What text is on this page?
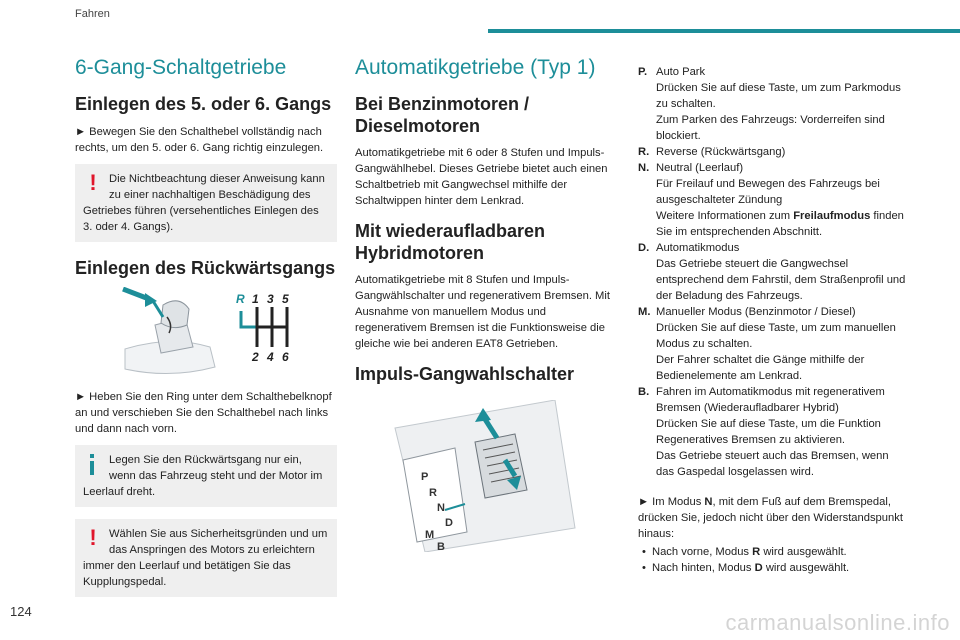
Fahren
6-Gang-Schaltgetriebe
Einlegen des 5. oder 6. Gangs

► Bewegen Sie den Schalthebel vollständig nach rechts, um den 5. oder 6. Gang richtig einzulegen.

!	Die Nichtbeachtung dieser Anweisung kann zu einer nachhaltigen Beschädigung des Getriebes führen (versehentliches Einlegen des 3. oder 4. Gangs).
Einlegen des Rückwärtsgangs
R 1 3 5
2 4 6

► Heben Sie den Ring unter dem Schalthebelknopf an und verschieben Sie den Schalthebel nach links und dann nach vorn.

Legen Sie den Rückwärtsgang nur ein, wenn das Fahrzeug steht und der Motor im Leerlauf dreht.
!	Wählen Sie aus Sicherheitsgründen und um das Anspringen des Motors zu erleichtern immer den Leerlauf und betätigen Sie das Kupplungspedal.
Automatikgetriebe (Typ 1)
Bei Benzinmotoren / Dieselmotoren

Automatikgetriebe mit 6 oder 8 Stufen und Impuls-Gangwählhebel. Dieses Getriebe bietet auch einen Schaltbetrieb mit Gangwechsel mithilfe der Schaltwippen hinter dem Lenkrad.

Mit wiederaufladbaren Hybridmotoren

Automatikgetriebe mit 8 Stufen und Impuls-Gangwählschalter und regenerativem Bremsen. Mit Ausnahme von manuellem Modus und regenerativem Bremsen ist die Funktionsweise die gleiche wie bei anderen EAT8 Getrieben.

Impuls-Gangwahlschalter
P
R
N
D
M
B
P. Auto Park
Drücken Sie auf diese Taste, um zum Parkmodus zu schalten.
Zum Parken des Fahrzeugs: Vorderreifen sind blockiert.
R. Reverse (Rückwärtsgang)
N. Neutral (Leerlauf)
Für Freilauf und Bewegen des Fahrzeugs bei ausgeschalteter Zündung
Weitere Informationen zum Freilaufmodus finden Sie im entsprechenden Abschnitt.
D. Automatikmodus
Das Getriebe steuert die Gangwechsel entsprechend dem Fahrstil, dem Straßenprofil und der Beladung des Fahrzeugs.
M. Manueller Modus (Benzinmotor / Diesel)
Drücken Sie auf diese Taste, um zum manuellen Modus zu schalten.
Der Fahrer schaltet die Gänge mithilfe der Bedienelemente am Lenkrad.
B. Fahren im Automatikmodus mit regenerativem Bremsen (Wiederaufladbarer Hybrid)
Drücken Sie auf diese Taste, um die Funktion Regeneratives Bremsen zu aktivieren.
Das Getriebe steuert auch das Bremsen, wenn das Gaspedal losgelassen wird.

► Im Modus N, mit dem Fuß auf dem Bremspedal, drücken Sie, jedoch nicht über den Widerstandspunkt hinaus:

• Nach vorne, Modus R wird ausgewählt.
• Nach hinten, Modus D wird ausgewählt.
124	carmanualsonline.info
